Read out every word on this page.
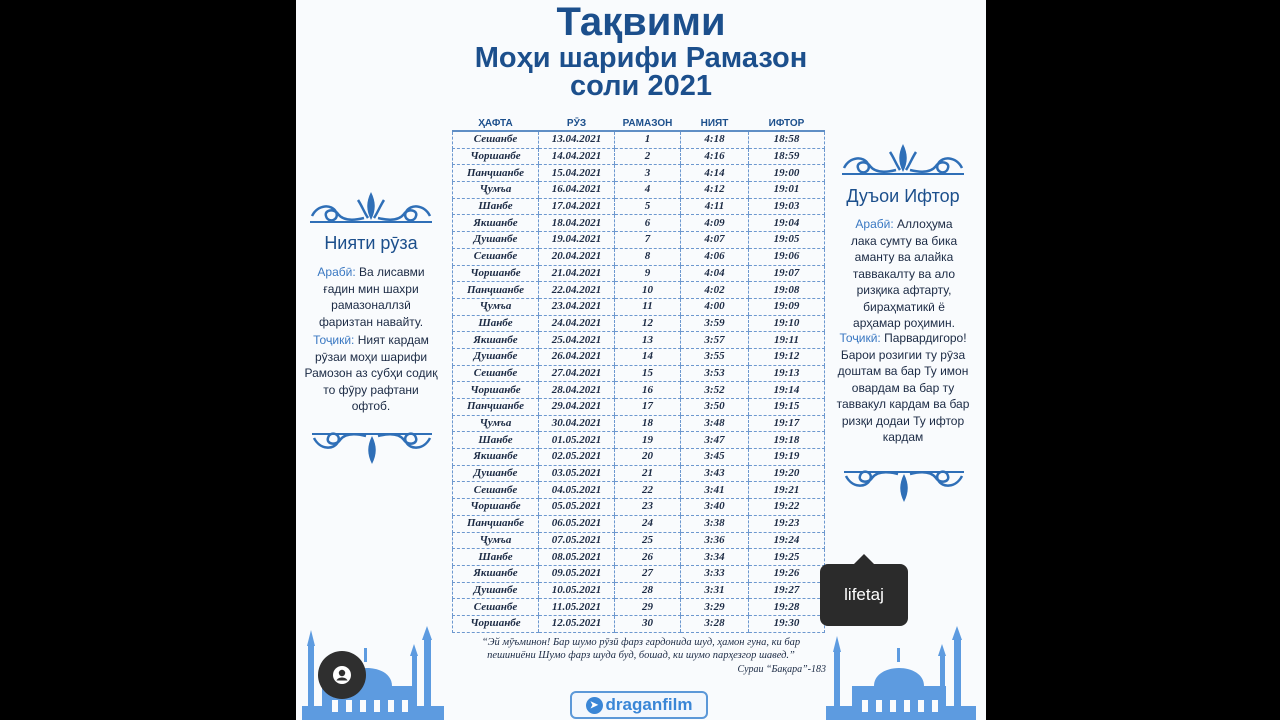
Тақвими
Моҳи шарифи Рамазон
соли 2021
ҲАФТА	РӮЗ	РАМАЗОН	НИЯТ	ИФТОР
Сешанбе	13.04.2021	1	4:18	18:58
Чоршанбе	14.04.2021	2	4:16	18:59
Панҷшанбе	15.04.2021	3	4:14	19:00
Ҷумъа	16.04.2021	4	4:12	19:01
Шанбе	17.04.2021	5	4:11	19:03
Якшанбе	18.04.2021	6	4:09	19:04
Душанбе	19.04.2021	7	4:07	19:05
Сешанбе	20.04.2021	8	4:06	19:06
Чоршанбе	21.04.2021	9	4:04	19:07
Панҷшанбе	22.04.2021	10	4:02	19:08
Ҷумъа	23.04.2021	11	4:00	19:09
Шанбе	24.04.2021	12	3:59	19:10
Якшанбе	25.04.2021	13	3:57	19:11
Душанбе	26.04.2021	14	3:55	19:12
Сешанбе	27.04.2021	15	3:53	19:13
Чоршанбе	28.04.2021	16	3:52	19:14
Панҷшанбе	29.04.2021	17	3:50	19:15
Ҷумъа	30.04.2021	18	3:48	19:17
Шанбе	01.05.2021	19	3:47	19:18
Якшанбе	02.05.2021	20	3:45	19:19
Душанбе	03.05.2021	21	3:43	19:20
Сешанбе	04.05.2021	22	3:41	19:21
Чоршанбе	05.05.2021	23	3:40	19:22
Панҷшанбе	06.05.2021	24	3:38	19:23
Ҷумъа	07.05.2021	25	3:36	19:24
Шанбе	08.05.2021	26	3:34	19:25
Якшанбе	09.05.2021	27	3:33	19:26
Душанбе	10.05.2021	28	3:31	19:27
Сешанбе	11.05.2021	29	3:29	19:28
Чоршанбе	12.05.2021	30	3:28	19:30
Нияти рӯза
Арабӣ: Ва лисавми ғадин мин шахри рамазоналлзӣ фаризтан навайту.
Тоҷикӣ: Ният кардам рӯзаи моҳи шарифи Рамозон аз субҳи содиқ то фӯру рафтани офтоб.
Дуъои Ифтор
Арабӣ: Аллоҳума лака сумту ва бика аманту ва алайка таввакалту ва ало ризқика афтарту, бираҳматикӣ ё арҳамар роҳимин.
Тоҷикӣ: Парвардигоро! Барои розигии ту рӯза доштам ва бар Ту имон овардам ва бар ту таввакул кардам ва бар ризқи додаи Ту ифтор кардам
“Эй мӯъминон! Бар шумо рӯзӣ фарз гардонида шуд, ҳамон гуна, ки бар
пешиниёни Шумо фарз шуда буд, бошад, ки шумо парҳезгор шавед.”
Сураи “Бақара”-183
➤ draganfilm
lifetaj
